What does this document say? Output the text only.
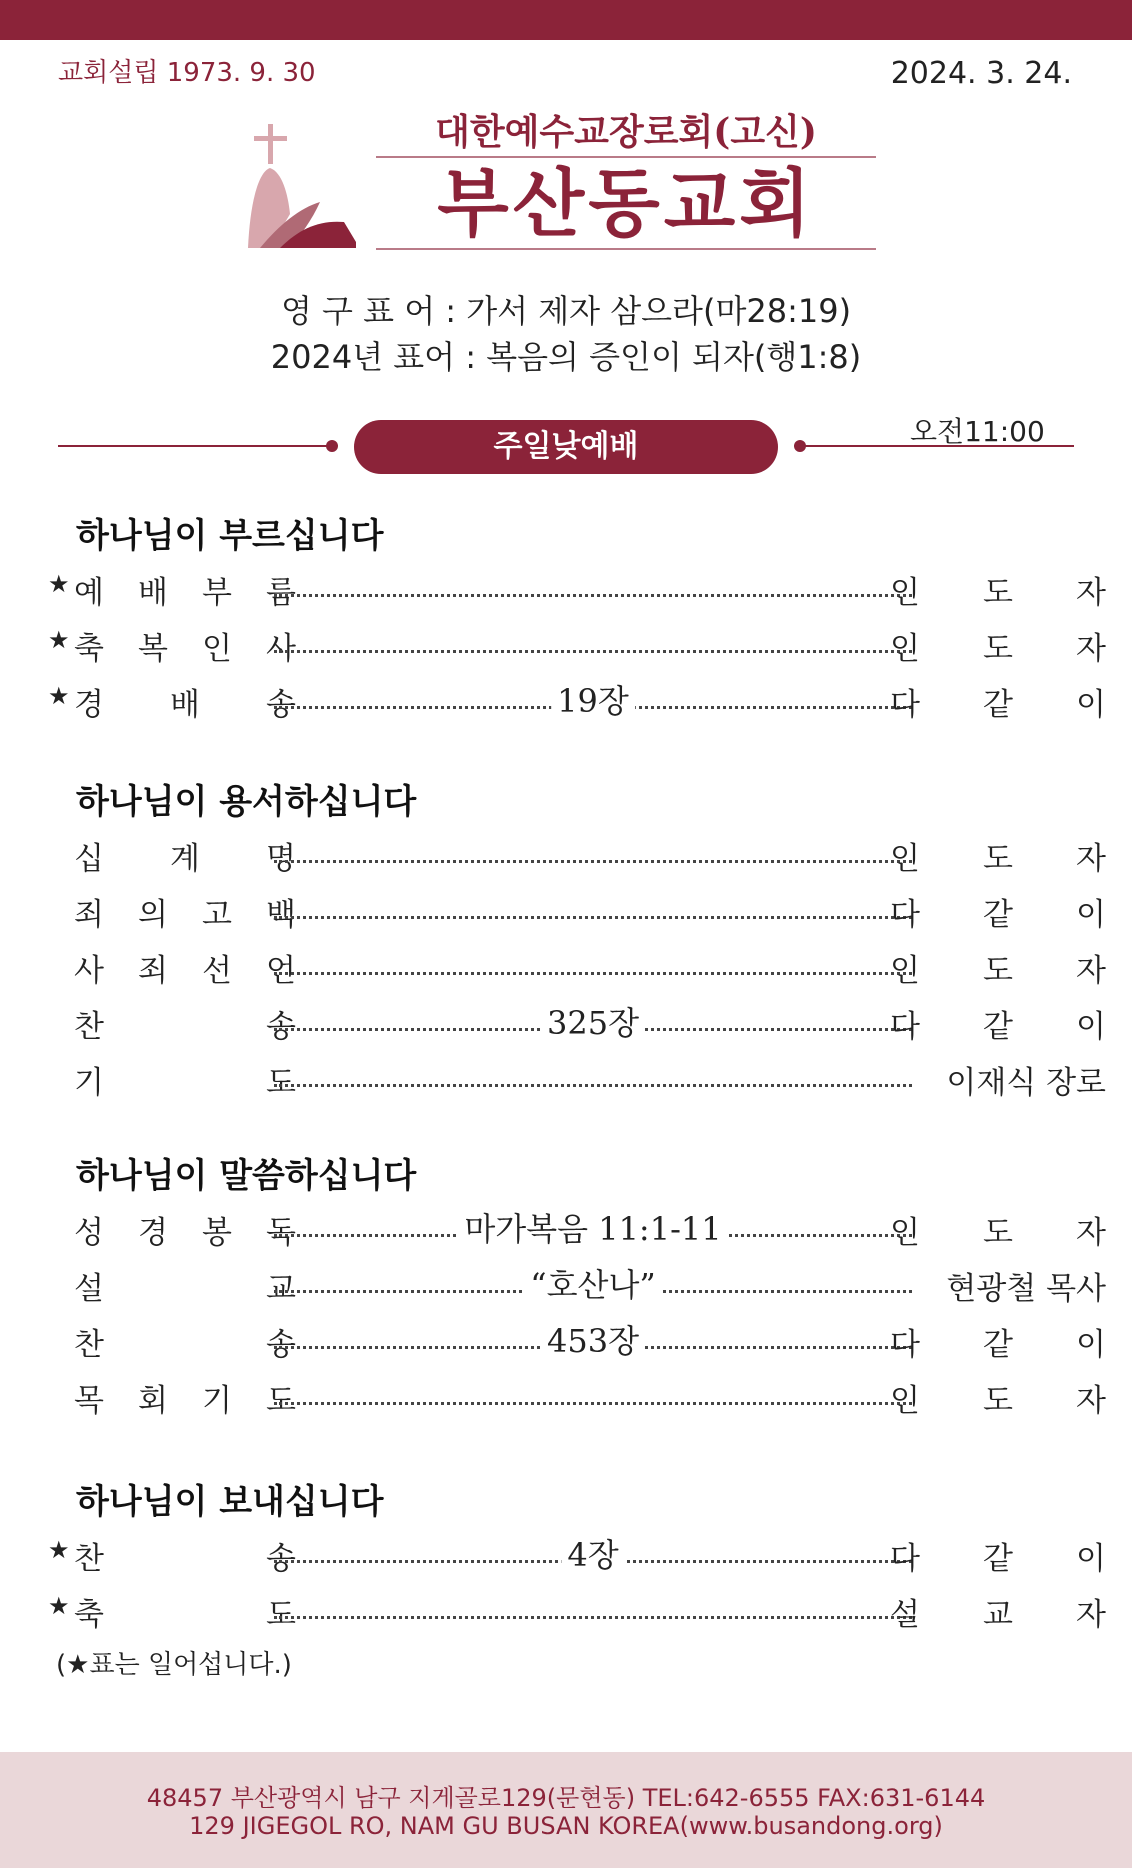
교회설립 1973. 9. 30	2024. 3. 24.
대한예수교장로회(고신)
부산동교회
영 구 표 어 : 가서 제자 삼으라(마28:19)
2024년 표어 : 복음의 증인이 되자(행1:8)
주일낮예배	오전11:00
하나님이 부르십니다
★ 예 배 부 름	인 도 자
★ 축 복 인 사	인 도 자
★ 경 배 송	19장	다 같 이
하나님이 용서하십니다
십 계 명	인 도 자
죄 의 고 백	다 같 이
사 죄 선 언	인 도 자
찬	송	325장	다 같 이
기	도	이재식 장로
하나님이 말씀하십니다
성 경 봉 독	마가복음 11:1-11	인 도 자
설	교	“호산나”	현광철 목사
찬	송	453장	다 같 이
목 회 기 도	인 도 자
하나님이 보내십니다
★ 찬	송	4장	다 같 이
★ 축	도	설 교 자
(★표는 일어섭니다.)
48457 부산광역시 남구 지게골로129(문현동) TEL:642-6555 FAX:631-6144
129 JIGEGOL RO, NAM GU BUSAN KOREA(www.busandong.org)
